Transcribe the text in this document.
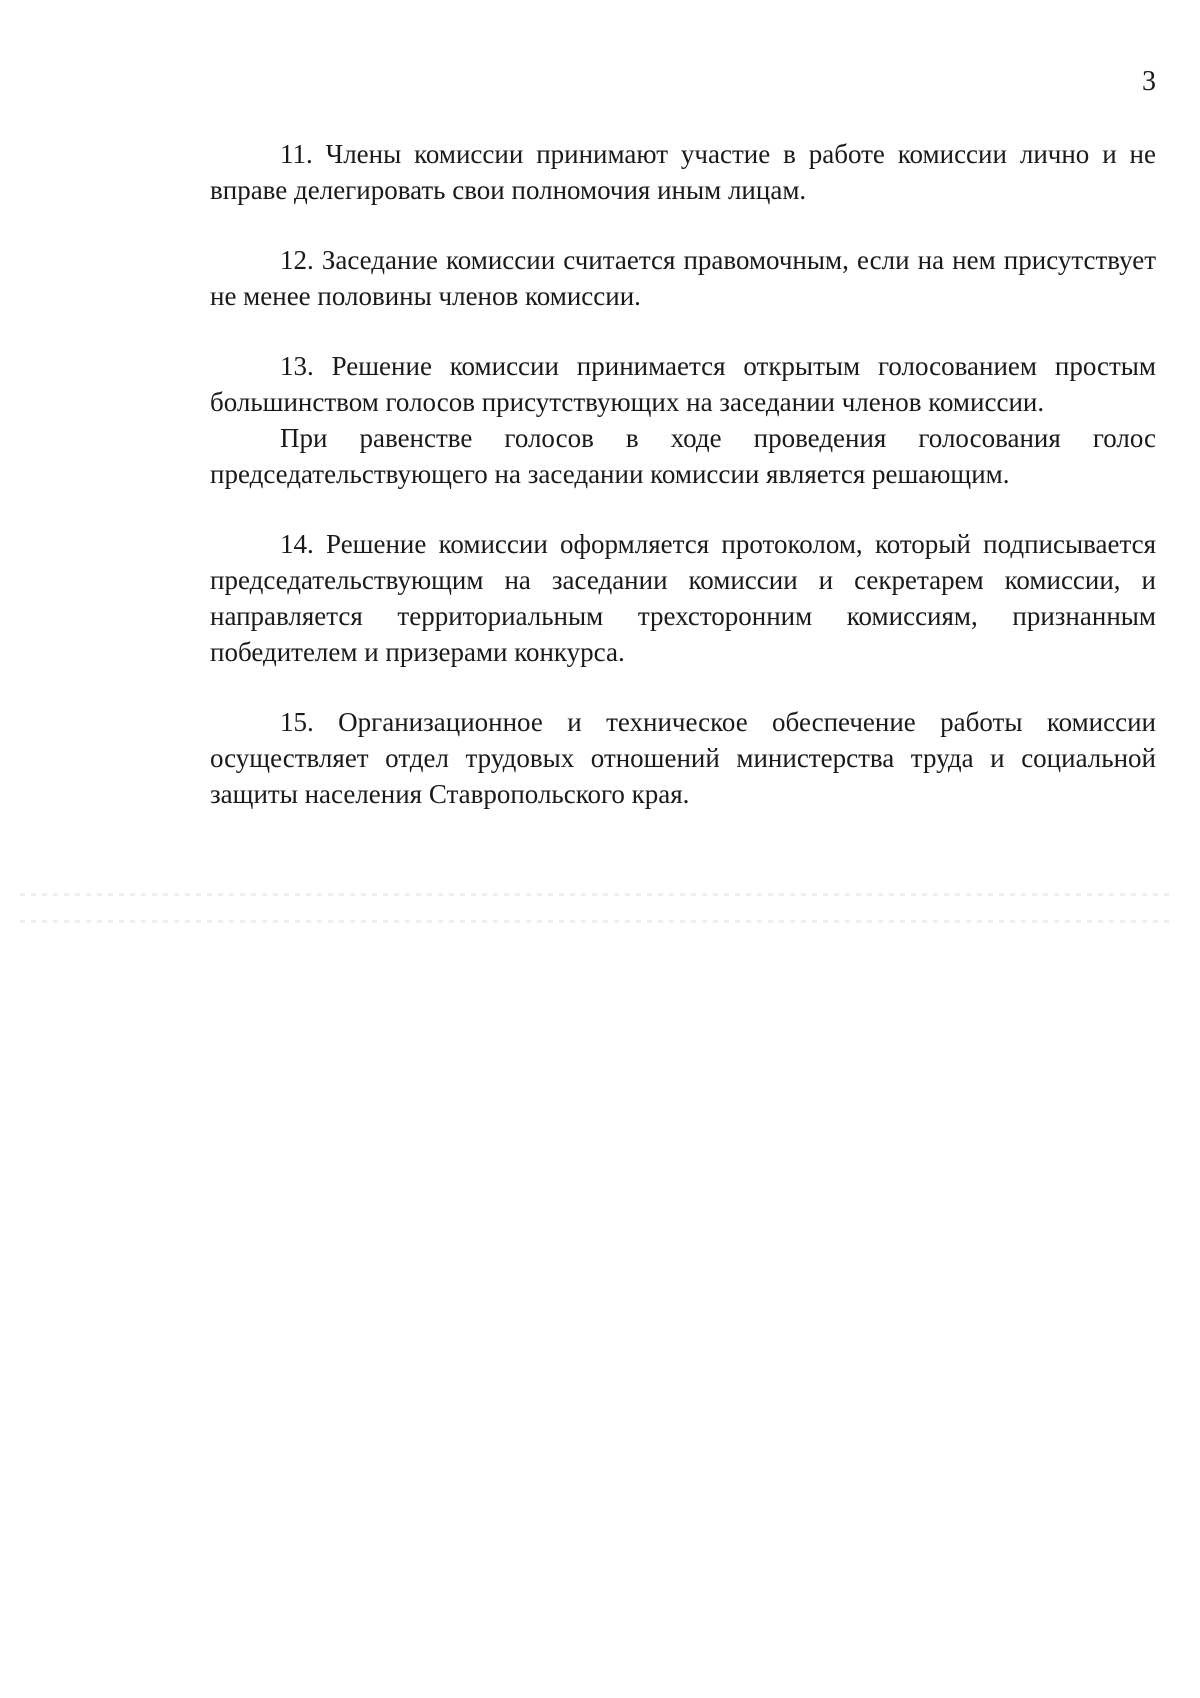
3

11. Члены комиссии принимают участие в работе комиссии лично и не вправе делегировать свои полномочия иным лицам.

12. Заседание комиссии считается правомочным, если на нем присутствует не менее половины членов комиссии.

13. Решение комиссии принимается открытым голосованием простым большинством голосов присутствующих на заседании членов комиссии.

При равенстве голосов в ходе проведения голосования голос председательствующего на заседании комиссии является решающим.

14. Решение комиссии оформляется протоколом, который подписывается председательствующим на заседании комиссии и секретарем комиссии, и направляется территориальным трехсторонним комиссиям, признанным победителем и призерами конкурса.

15. Организационное и техническое обеспечение работы комиссии осуществляет отдел трудовых отношений министерства труда и социальной защиты населения Ставропольского края.
